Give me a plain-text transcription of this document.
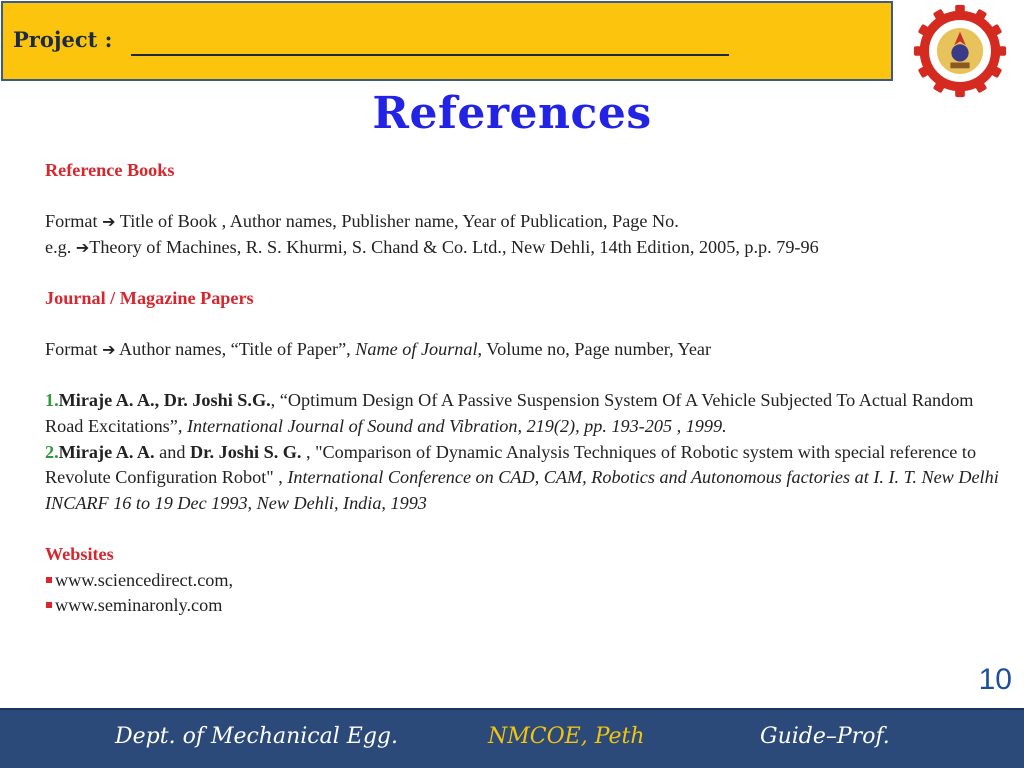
Project :
References

Reference Books

Format ➔ Title of Book , Author names, Publisher name, Year of Publication, Page No.

e.g. ➔Theory of Machines, R. S. Khurmi, S. Chand & Co. Ltd., New Dehli, 14th Edition, 2005, p.p. 79-96

Journal / Magazine Papers

Format ➔ Author names, “Title of Paper”, Name of Journal, Volume no, Page number, Year

1.Miraje A. A., Dr. Joshi S.G., “Optimum Design Of A Passive Suspension System Of A Vehicle Subjected To Actual Random Road Excitations”, International Journal of Sound and Vibration, 219(2), pp. 193-205 , 1999.

2.Miraje A. A. and Dr. Joshi S. G. , "Comparison of Dynamic Analysis Techniques of Robotic system with special reference to Revolute Configuration Robot" , International Conference on CAD, CAM, Robotics and Autonomous factories at I. I. T. New Delhi INCARF 16 to 19 Dec 1993, New Dehli, India, 1993

Websites

www.sciencedirect.com,

www.seminaronly.com

10
Dept. of Mechanical Egg.	NMCOE, Peth	Guide–Prof.
